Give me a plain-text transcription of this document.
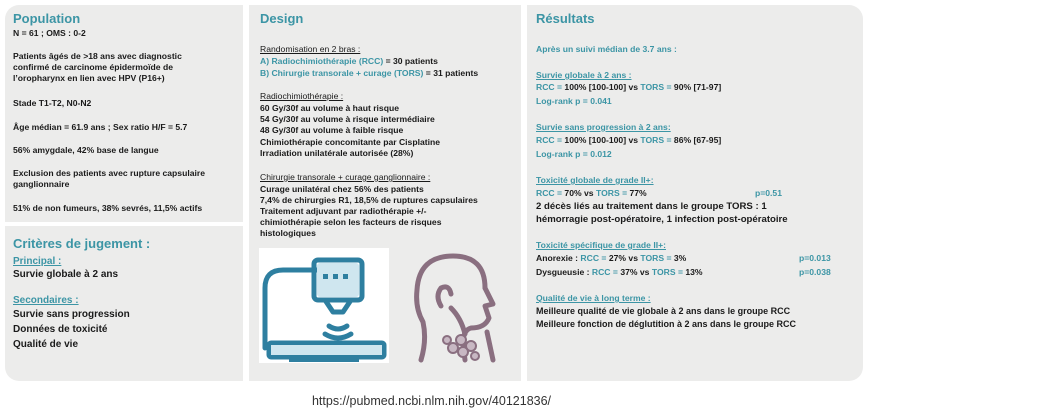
Population
N = 61 ; OMS : 0-2
Patients âgés de >18 ans avec diagnostic
confirmé de carcinome épidermoïde de
l’oropharynx en lien avec HPV (P16+)
Stade T1-T2, N0-N2
Âge médian = 61.9 ans ; Sex ratio H/F = 5.7
56% amygdale, 42% base de langue
Exclusion des patients avec rupture capsulaire
ganglionnaire
51% de non fumeurs, 38% sevrés, 11,5% actifs
Critères de jugement :
Principal :
Survie globale à 2 ans
Secondaires :
Survie sans progression
Données de toxicité
Qualité de vie
Design
Randomisation en 2 bras :
A) Radiochimiothérapie (RCC) = 30 patients
B) Chirurgie transorale + curage (TORS) = 31 patients
Radiochimiothérapie :
60 Gy/30f au volume à haut risque
54 Gy/30f au volume à risque intermédiaire
48 Gy/30f au volume à faible risque
Chimiothérapie concomitante par Cisplatine
Irradiation unilatérale autorisée (28%)
Chirurgie transorale + curage ganglionnaire :
Curage unilatéral chez 56% des patients
7,4% de chirurgies R1, 18,5% de ruptures capsulaires
Traitement adjuvant par radiothérapie +/-
chimiothérapie selon les facteurs de risques
histologiques
Résultats
Après un suivi médian de 3.7 ans :
Survie globale à 2 ans :
RCC = 100% [100-100] vs TORS = 90% [71-97]
Log-rank p = 0.041
Survie sans progression à 2 ans:
RCC = 100% [100-100] vs TORS = 86% [67-95]
Log-rank p = 0.012
Toxicité globale de grade II+:
RCC = 70% vs TORS = 77%	p=0.51
2 décès liés au traitement dans le groupe TORS : 1
hémorragie post-opératoire, 1 infection post-opératoire
Toxicité spécifique de grade II+:
Anorexie : RCC = 27% vs TORS = 3%	p=0.013
Dysgueusie : RCC = 37% vs TORS = 13%	p=0.038
Qualité de vie à long terme :
Meilleure qualité de vie globale à 2 ans dans le groupe RCC
Meilleure fonction de déglutition à 2 ans dans le groupe RCC
https://pubmed.ncbi.nlm.nih.gov/40121836/
